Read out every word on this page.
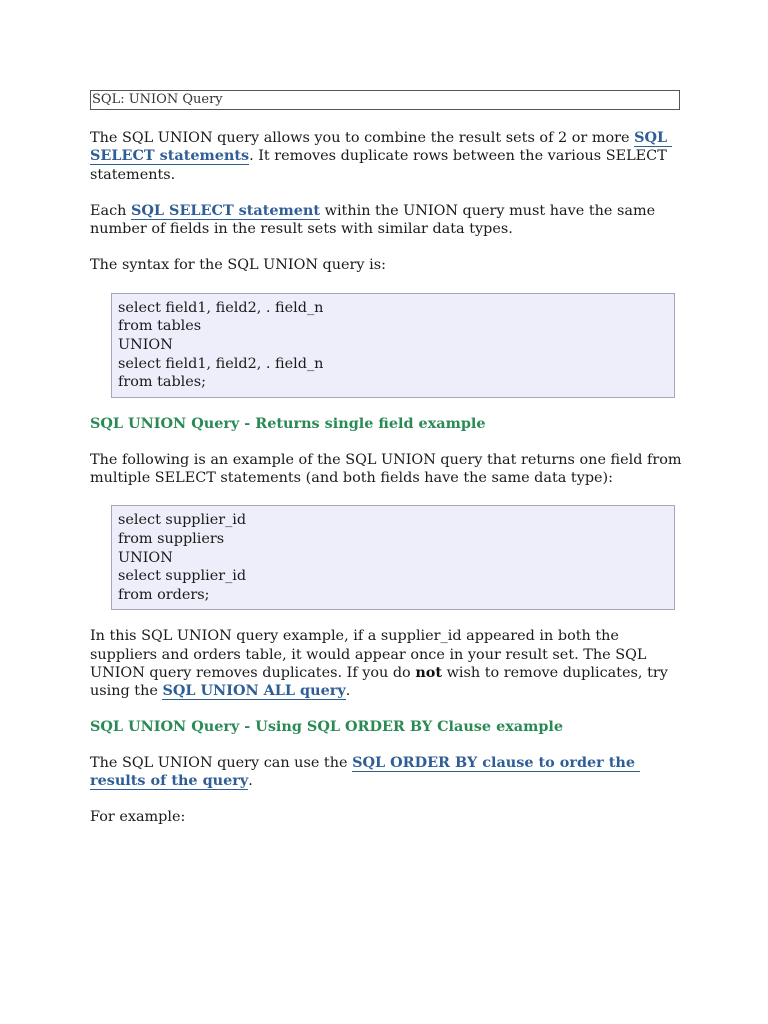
SQL: UNION Query

The SQL UNION query allows you to combine the result sets of 2 or more SQL SELECT statements. It removes duplicate rows between the various SELECT statements.

Each SQL SELECT statement within the UNION query must have the same number of fields in the result sets with similar data types.

The syntax for the SQL UNION query is:

select field1, field2, . field_n
from tables
UNION
select field1, field2, . field_n
from tables;
SQL UNION Query - Returns single field example

The following is an example of the SQL UNION query that returns one field from multiple SELECT statements (and both fields have the same data type):

select supplier_id
from suppliers
UNION
select supplier_id
from orders;

In this SQL UNION query example, if a supplier_id appeared in both the suppliers and orders table, it would appear once in your result set. The SQL UNION query removes duplicates. If you do not wish to remove duplicates, try using the SQL UNION ALL query.

SQL UNION Query - Using SQL ORDER BY Clause example

The SQL UNION query can use the SQL ORDER BY clause to order the results of the query.

For example:
